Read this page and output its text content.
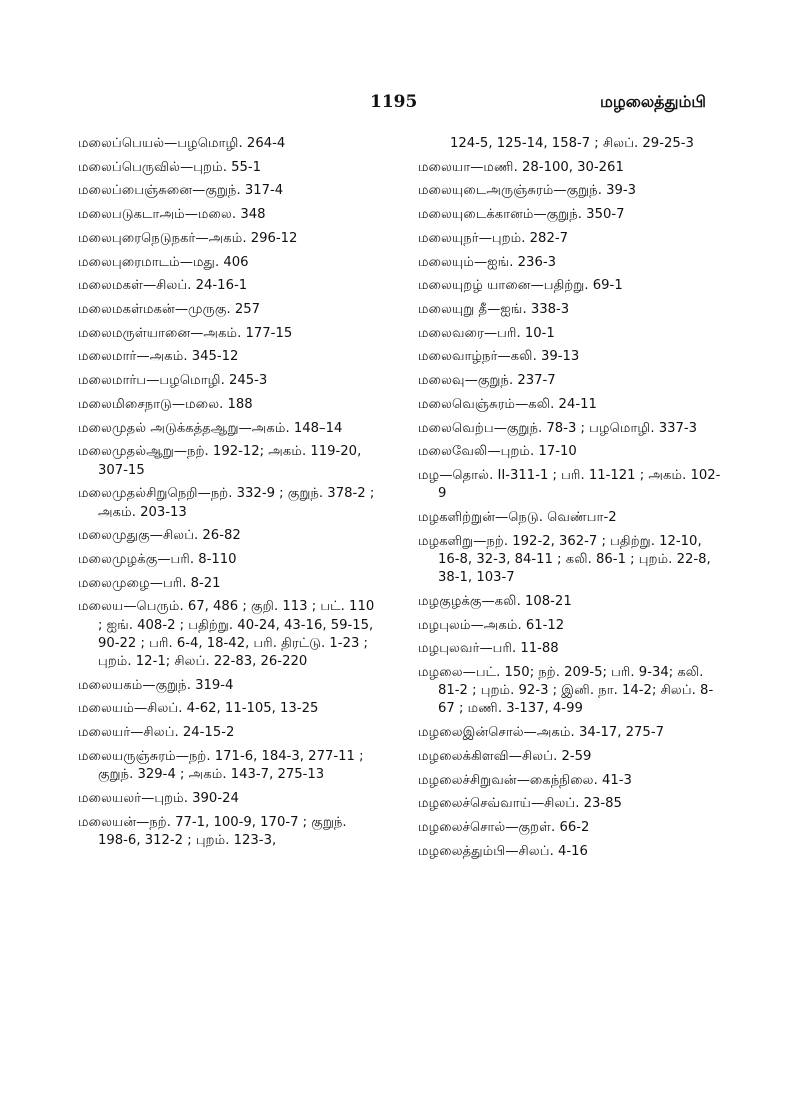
1195	மழலைத்தும்பி
மலைப்பெயல்—பழமொழி. 264-4
மலைப்பெருவில்—புறம். 55-1
மலைப்பைஞ்சுனை—குறுந். 317-4
மலைபடுகடாஅம்—மலை. 348
மலைபுரைநெடுநகர்—அகம். 296-12
மலைபுரைமாடம்—மது. 406
மலைமகள்—சிலப். 24-16-1
மலைமகள்மகன்—முருகு. 257
மலைமருள்யானை—அகம். 177-15
மலைமார்—அகம். 345-12
மலைமார்ப—பழமொழி. 245-3
மலைமிசைநாடு—மலை. 188
மலைமுதல் அடுக்கத்தஆறு—அகம். 148–14
மலைமுதல்ஆறு—நற். 192-12; அகம். 119-20, 307-15
மலைமுதல்சிறுநெறி—நற். 332-9 ; குறுந். 378-2 ; அகம். 203-13
மலைமுதுகு—சிலப். 26-82
மலைமுழக்கு—பரி. 8-110
மலைமுழை—பரி. 8-21
மலைய—பெரும். 67, 486 ; குறி. 113 ; பட். 110 ; ஐங். 408-2 ; பதிற்று. 40-24, 43-16, 59-15, 90-22 ; பரி. 6-4, 18-42, பரி. திரட்டு. 1-23 ; புறம். 12-1; சிலப். 22-83, 26-220
மலையகம்—குறுந். 319-4
மலையம்—சிலப். 4-62, 11-105, 13-25
மலையர்—சிலப். 24-15-2
மலையருஞ்சுரம்—நற். 171-6, 184-3, 277-11 ; குறுந். 329-4 ; அகம். 143-7, 275-13
மலையலர்—புறம். 390-24
மலையன்—நற். 77-1, 100-9, 170-7 ; குறுந். 198-6, 312-2 ; புறம். 123-3,
124-5, 125-14, 158-7 ; சிலப். 29-25-3
மலையா—மணி. 28-100, 30-261
மலையுடைஅருஞ்சுரம்—குறுந். 39-3
மலையுடைக்கானம்—குறுந். 350-7
மலையுநர்—புறம். 282-7
மலையும்—ஐங். 236-3
மலையுறழ் யானை—பதிற்று. 69-1
மலையுறு தீ—ஐங். 338-3
மலைவரை—பரி. 10-1
மலைவாழ்நர்—கலி. 39-13
மலைவு—குறுந். 237-7
மலைவெஞ்சுரம்—கலி. 24-11
மலைவெற்ப—குறுந். 78-3 ; பழமொழி. 337-3
மலைவேலி—புறம். 17-10
மழ—தொல். II-311-1 ; பரி. 11-121 ; அகம். 102-9
மழகளிற்றுன்—நெடு. வெண்பா-2
மழகளிறு—நற். 192-2, 362-7 ; பதிற்று. 12-10, 16-8, 32-3, 84-11 ; கலி. 86-1 ; புறம். 22-8, 38-1, 103-7
மழகுழக்கு—கலி. 108-21
மழபுலம்—அகம். 61-12
மழபுலவர்—பரி. 11-88
மழலை—பட். 150; நற். 209-5; பரி. 9-34; கலி. 81-2 ; புறம். 92-3 ; இனி. நா. 14-2; சிலப். 8-67 ; மணி. 3-137, 4-99
மழலைஇன்சொல்—அகம். 34-17, 275-7
மழலைக்கிளவி—சிலப். 2-59
மழலைச்சிறுவன்—கைந்நிலை. 41-3
மழலைச்செவ்வாய்—சிலப். 23-85
மழலைச்சொல்—குறள். 66-2
மழலைத்தும்பி—சிலப். 4-16
